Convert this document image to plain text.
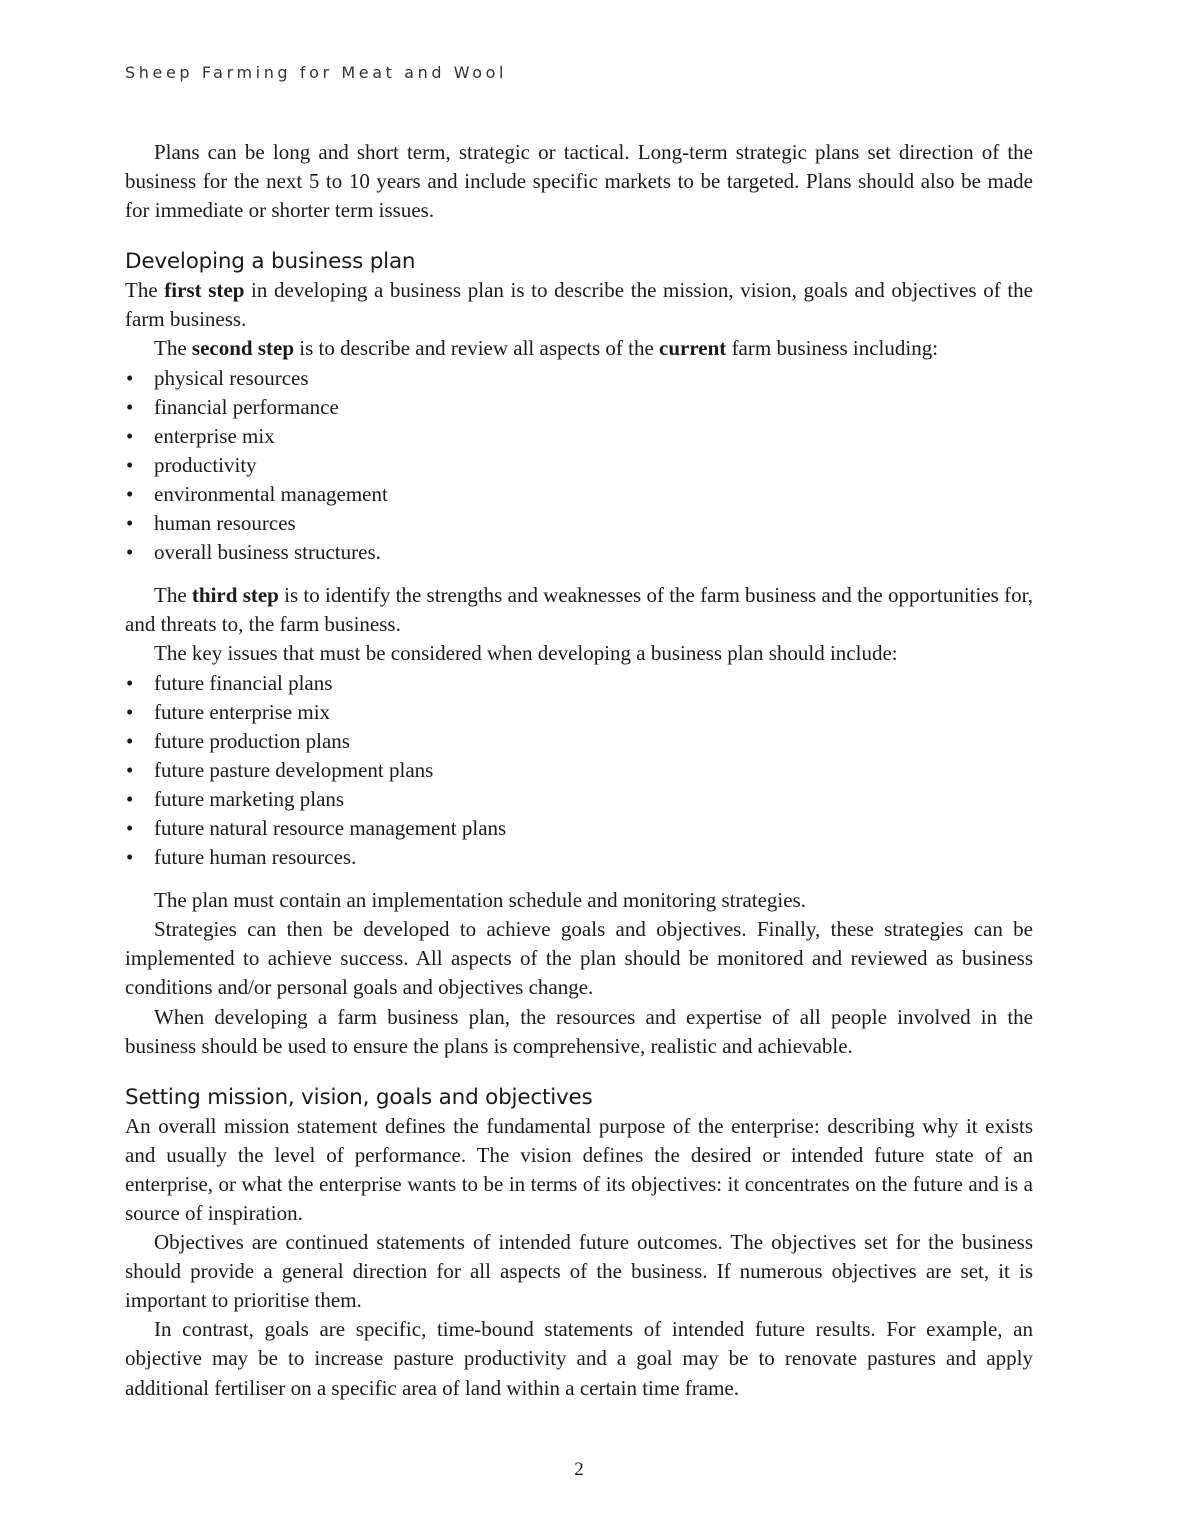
Sheep Farming for Meat and Wool

Plans can be long and short term, strategic or tactical. Long-term strategic plans set direction of the business for the next 5 to 10 years and include specific markets to be targeted. Plans should also be made for immediate or shorter term issues.

Developing a business plan

The first step in developing a business plan is to describe the mission, vision, goals and objectives of the farm business.

The second step is to describe and review all aspects of the current farm business including:

• physical resources
• financial performance
• enterprise mix
• productivity
• environmental management
• human resources
• overall business structures.

The third step is to identify the strengths and weaknesses of the farm business and the opportunities for, and threats to, the farm business.

The key issues that must be considered when developing a business plan should include:

• future financial plans
• future enterprise mix
• future production plans
• future pasture development plans
• future marketing plans
• future natural resource management plans
• future human resources.

The plan must contain an implementation schedule and monitoring strategies.

Strategies can then be developed to achieve goals and objectives. Finally, these strategies can be implemented to achieve success. All aspects of the plan should be monitored and reviewed as business conditions and/or personal goals and objectives change.

When developing a farm business plan, the resources and expertise of all people involved in the business should be used to ensure the plans is comprehensive, realistic and achievable.

Setting mission, vision, goals and objectives

An overall mission statement defines the fundamental purpose of the enterprise: describing why it exists and usually the level of performance. The vision defines the desired or intended future state of an enterprise, or what the enterprise wants to be in terms of its objectives: it concentrates on the future and is a source of inspiration.

Objectives are continued statements of intended future outcomes. The objectives set for the business should provide a general direction for all aspects of the business. If numerous objectives are set, it is important to prioritise them.

In contrast, goals are specific, time-bound statements of intended future results. For example, an objective may be to increase pasture productivity and a goal may be to renovate pastures and apply additional fertiliser on a specific area of land within a certain time frame.

2
